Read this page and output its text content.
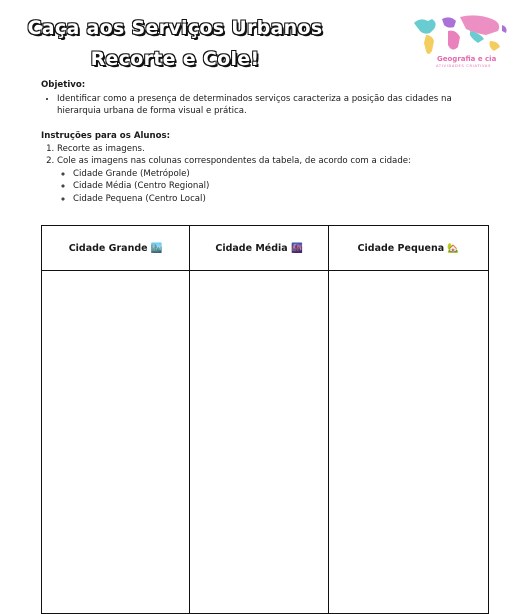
Caça aos Serviços Urbanos
Recorte e Cole!	Geografia e cia
ATIVIDADES CRIATIVAS
Objetivo:
• Identificar como a presença de determinados serviços caracteriza a posição das cidades na hierarquia urbana de forma visual e prática.
Instruções para os Alunos:
1. Recorte as imagens.
2. Cole as imagens nas colunas correspondentes da tabela, de acordo com a cidade:
◦ Cidade Grande (Metrópole)
◦ Cidade Média (Centro Regional)
◦ Cidade Pequena (Centro Local)
Cidade Grande 🏙️	Cidade Média 🌆	Cidade Pequena 🏡
